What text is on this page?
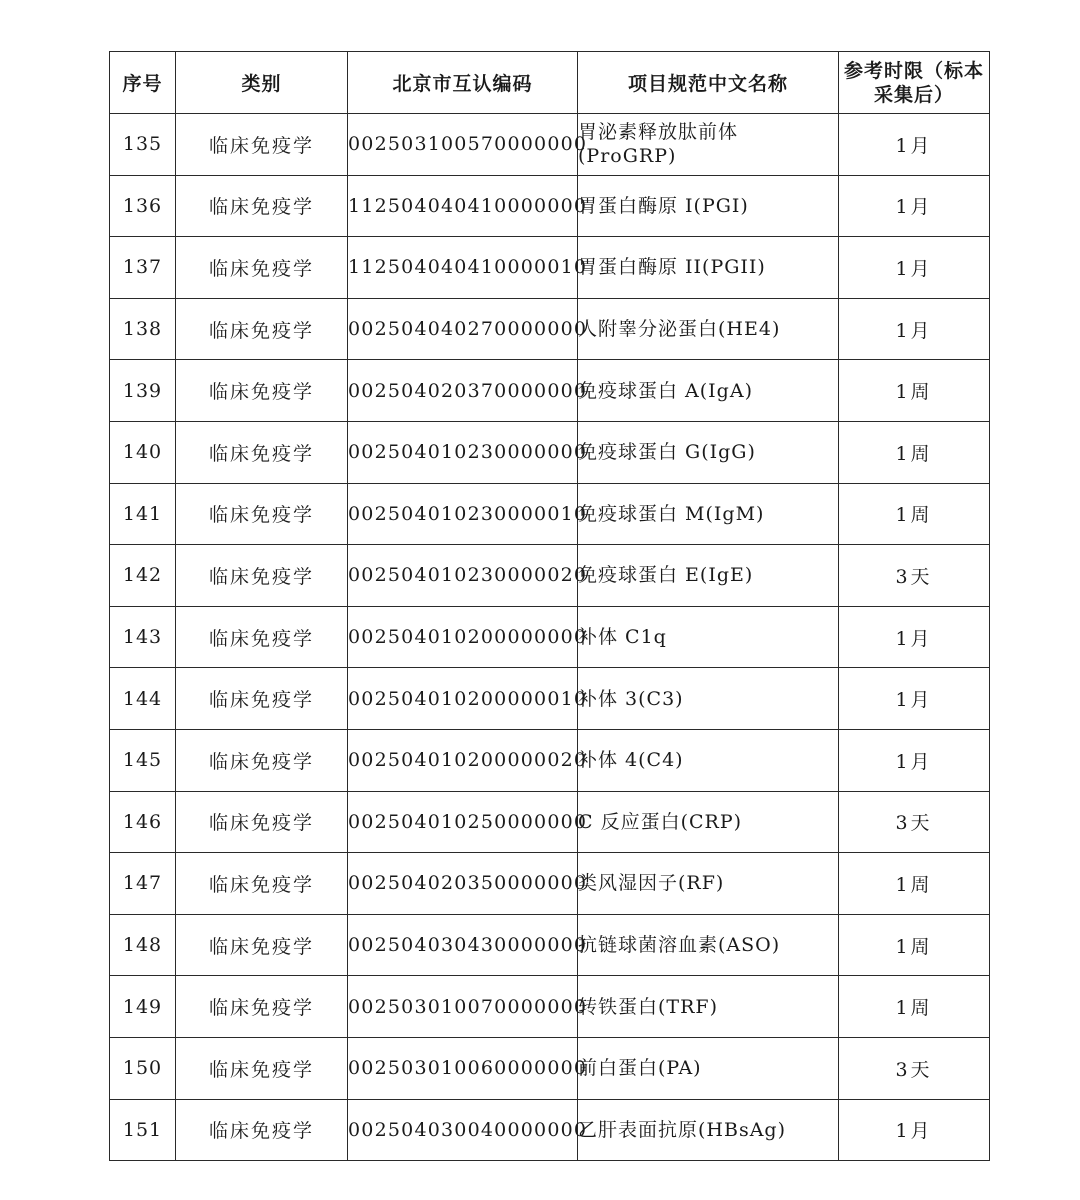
序号	类别	北京市互认编码	项目规范中文名称	参考时限（标本采集后）
135	临床免疫学	002503100570000000	胃泌素释放肽前体 (ProGRP)	1月
136	临床免疫学	112504040410000000	胃蛋白酶原 I(PGI)	1月
137	临床免疫学	112504040410000010	胃蛋白酶原 II(PGII)	1月
138	临床免疫学	002504040270000000	人附睾分泌蛋白(HE4)	1月
139	临床免疫学	002504020370000000	免疫球蛋白 A(IgA)	1周
140	临床免疫学	002504010230000000	免疫球蛋白 G(IgG)	1周
141	临床免疫学	002504010230000010	免疫球蛋白 M(IgM)	1周
142	临床免疫学	002504010230000020	免疫球蛋白 E(IgE)	3天
143	临床免疫学	002504010200000000	补体 C1q	1月
144	临床免疫学	002504010200000010	补体 3(C3)	1月
145	临床免疫学	002504010200000020	补体 4(C4)	1月
146	临床免疫学	002504010250000000	C 反应蛋白(CRP)	3天
147	临床免疫学	002504020350000000	类风湿因子(RF)	1周
148	临床免疫学	002504030430000000	抗链球菌溶血素(ASO)	1周
149	临床免疫学	002503010070000000	转铁蛋白(TRF)	1周
150	临床免疫学	002503010060000000	前白蛋白(PA)	3天
151	临床免疫学	002504030040000000	乙肝表面抗原(HBsAg)	1月
